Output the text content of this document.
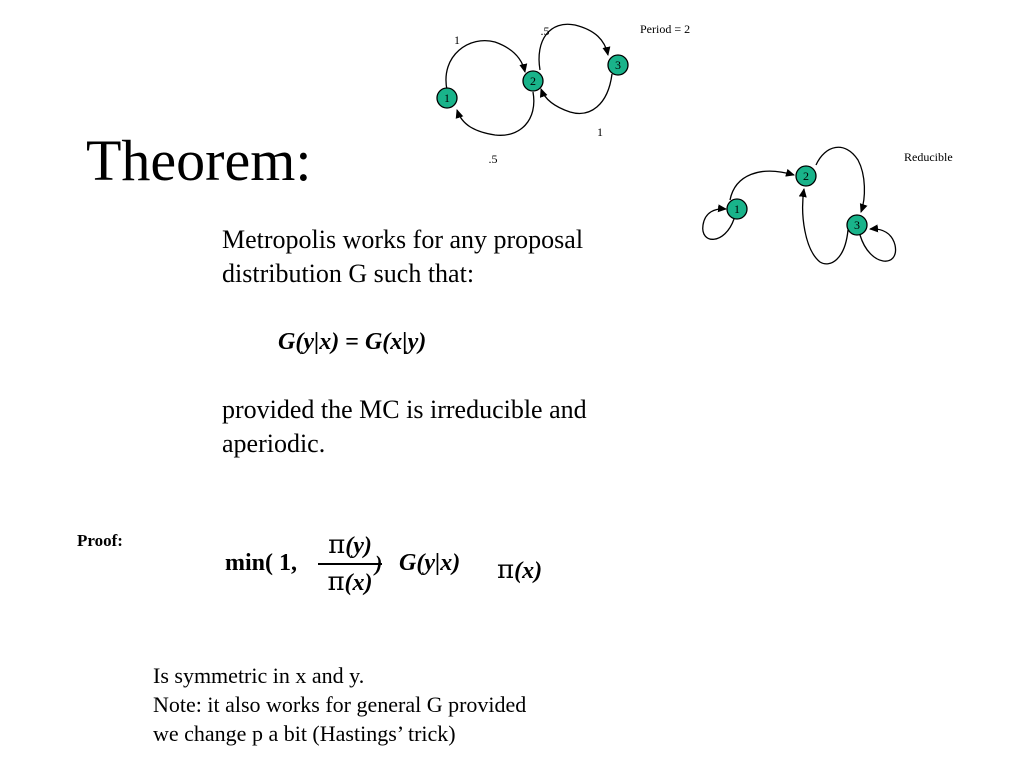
1
2
3
1
2
3
1
.5
1
.5
Period = 2
Reducible
Theorem:
Metropolis works for any proposal
distribution G such that:
G(y|x) = G(x|y)
provided the MC is irreducible and
aperiodic.
Proof:
min( 1,
π(y)
π(x)
) G(y|x) π(x)
Is symmetric in x and y.
Note: it also works for general G provided
we change p a bit (Hastings’ trick)
